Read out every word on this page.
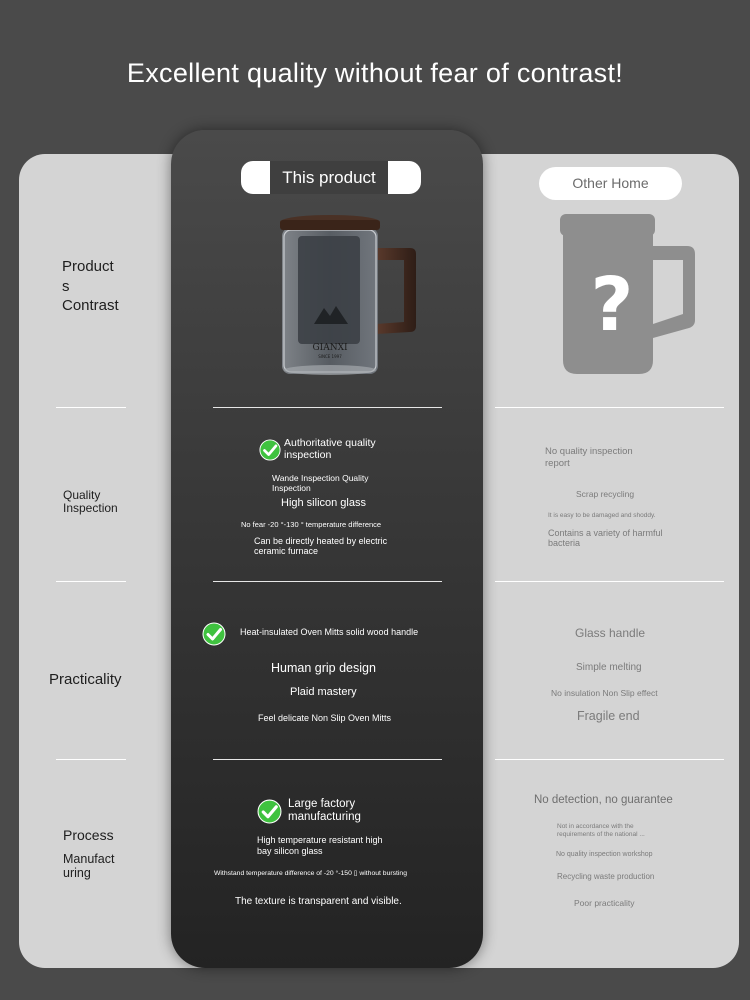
Excellent quality without fear of contrast!
This product	Other Home
Product
s
Contrast
GIANXI
SINCE 1997
?
Quality
Inspection
Authoritative quality
inspection
Wande Inspection Quality
Inspection
High silicon glass
No fear -20 °-130 ° temperature difference
Can be directly heated by electric
ceramic furnace
No quality inspection
report
Scrap recycling
It is easy to be damaged and shoddy.
Contains a variety of harmful
bacteria
Practicality
Heat-insulated Oven Mitts solid wood handle
Human grip design
Plaid mastery
Feel delicate Non Slip Oven Mitts
Glass handle
Simple melting
No insulation Non Slip effect
Fragile end
Process
Manufact
uring
Large factory
manufacturing
High temperature resistant high
bay silicon glass
Withstand temperature difference of -20 °-150 ▯ without bursting
The texture is transparent and visible.
No detection, no guarantee
Not in accordance with the
requirements of the national ...
No quality inspection workshop
Recycling waste production
Poor practicality
